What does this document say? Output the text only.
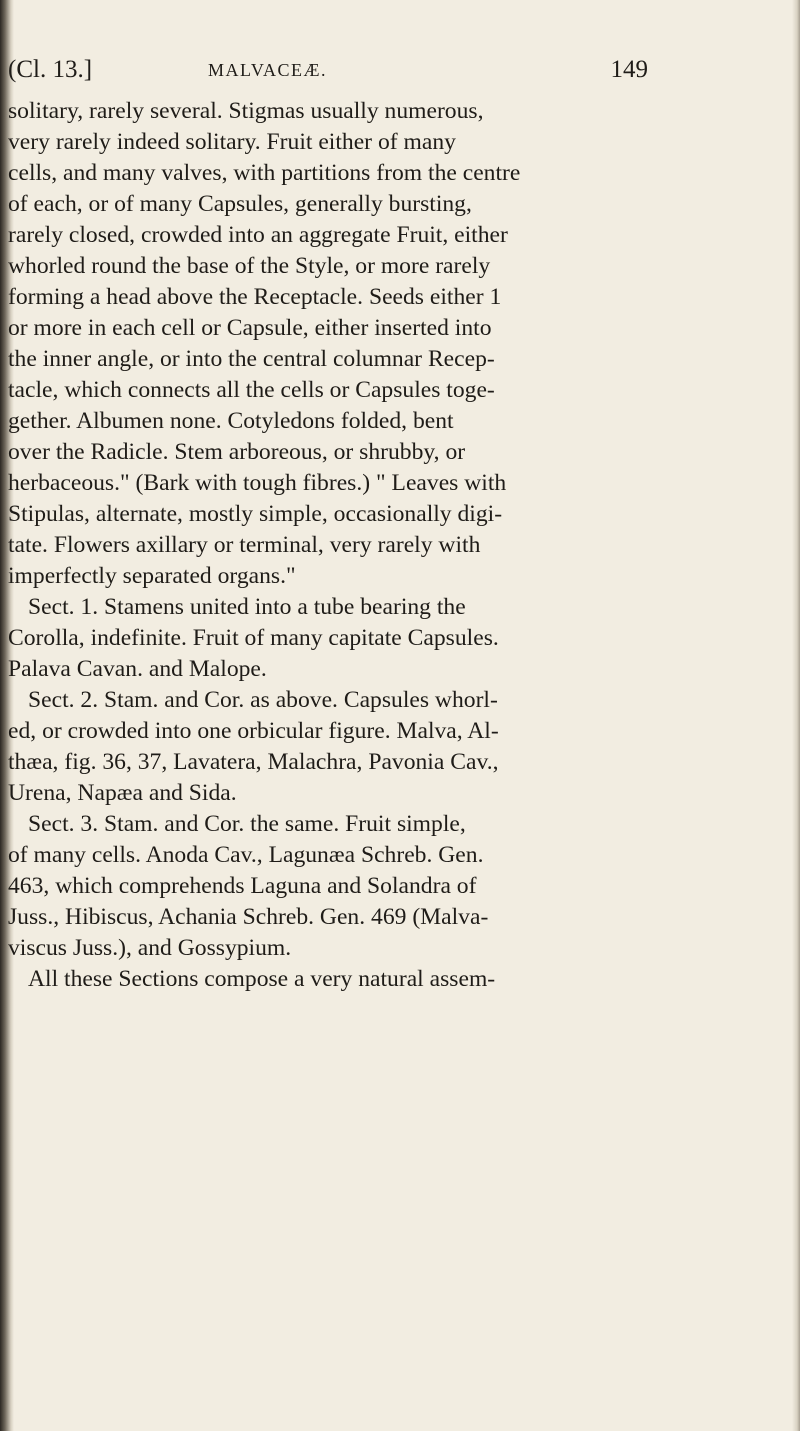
(Cl. 13.]	MALVACEÆ.	149
solitary, rarely several. Stigmas usually numerous,
very rarely indeed solitary. Fruit either of many
cells, and many valves, with partitions from the centre
of each, or of many Capsules, generally bursting,
rarely closed, crowded into an aggregate Fruit, either
whorled round the base of the Style, or more rarely
forming a head above the Receptacle. Seeds either 1
or more in each cell or Capsule, either inserted into
the inner angle, or into the central columnar Recep-
tacle, which connects all the cells or Capsules toge-
gether. Albumen none. Cotyledons folded, bent
over the Radicle. Stem arboreous, or shrubby, or
herbaceous." (Bark with tough fibres.) " Leaves with
Stipulas, alternate, mostly simple, occasionally digi-
tate. Flowers axillary or terminal, very rarely with
imperfectly separated organs."
Sect. 1. Stamens united into a tube bearing the
Corolla, indefinite. Fruit of many capitate Capsules.
Palava Cavan. and Malope.
Sect. 2. Stam. and Cor. as above. Capsules whorl-
ed, or crowded into one orbicular figure. Malva, Al-
thæa, fig. 36, 37, Lavatera, Malachra, Pavonia Cav.,
Urena, Napæa and Sida.
Sect. 3. Stam. and Cor. the same. Fruit simple,
of many cells. Anoda Cav., Lagunæa Schreb. Gen.
463, which comprehends Laguna and Solandra of
Juss., Hibiscus, Achania Schreb. Gen. 469 (Malva-
viscus Juss.), and Gossypium.
All these Sections compose a very natural assem-
